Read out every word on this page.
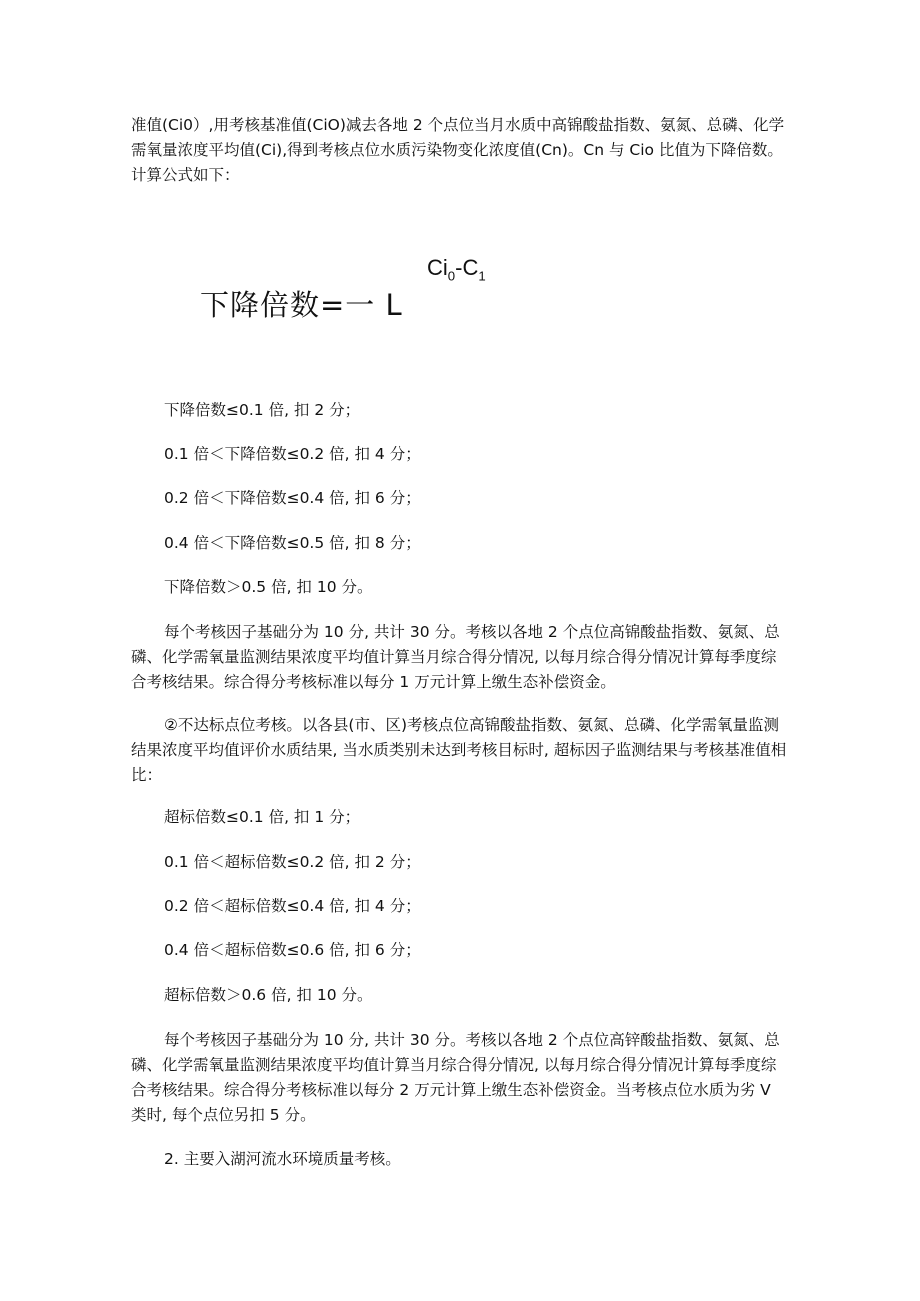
准值(Ci0）,用考核基准值(CiO)减去各地 2 个点位当月水质中高锦酸盐指数、氨氮、总磷、化学需氧量浓度平均值(Ci),得到考核点位水质污染物变化浓度值(Cn)。Cn 与 Cio 比值为下降倍数。计算公式如下：

$Ci_0-C_1$
下降倍数=一 L

下降倍数≤0.1 倍, 扣 2 分；

0.1 倍＜下降倍数≤0.2 倍, 扣 4 分；

0.2 倍＜下降倍数≤0.4 倍, 扣 6 分；

0.4 倍＜下降倍数≤0.5 倍, 扣 8 分；

下降倍数＞0.5 倍, 扣 10 分。

每个考核因子基础分为 10 分, 共计 30 分。考核以各地 2 个点位高锦酸盐指数、氨氮、总磷、化学需氧量监测结果浓度平均值计算当月综合得分情况, 以每月综合得分情况计算每季度综合考核结果。综合得分考核标准以每分 1 万元计算上缴生态补偿资金。

②不达标点位考核。以各县(市、区)考核点位高锦酸盐指数、氨氮、总磷、化学需氧量监测结果浓度平均值评价水质结果, 当水质类别未达到考核目标时, 超标因子监测结果与考核基准值相比：

超标倍数≤0.1 倍, 扣 1 分；

0.1 倍＜超标倍数≤0.2 倍, 扣 2 分；

0.2 倍＜超标倍数≤0.4 倍, 扣 4 分；

0.4 倍＜超标倍数≤0.6 倍, 扣 6 分；

超标倍数＞0.6 倍, 扣 10 分。

每个考核因子基础分为 10 分, 共计 30 分。考核以各地 2 个点位高锌酸盐指数、氨氮、总磷、化学需氧量监测结果浓度平均值计算当月综合得分情况, 以每月综合得分情况计算每季度综合考核结果。综合得分考核标准以每分 2 万元计算上缴生态补偿资金。当考核点位水质为劣 V 类时, 每个点位另扣 5 分。

2. 主要入湖河流水环境质量考核。
